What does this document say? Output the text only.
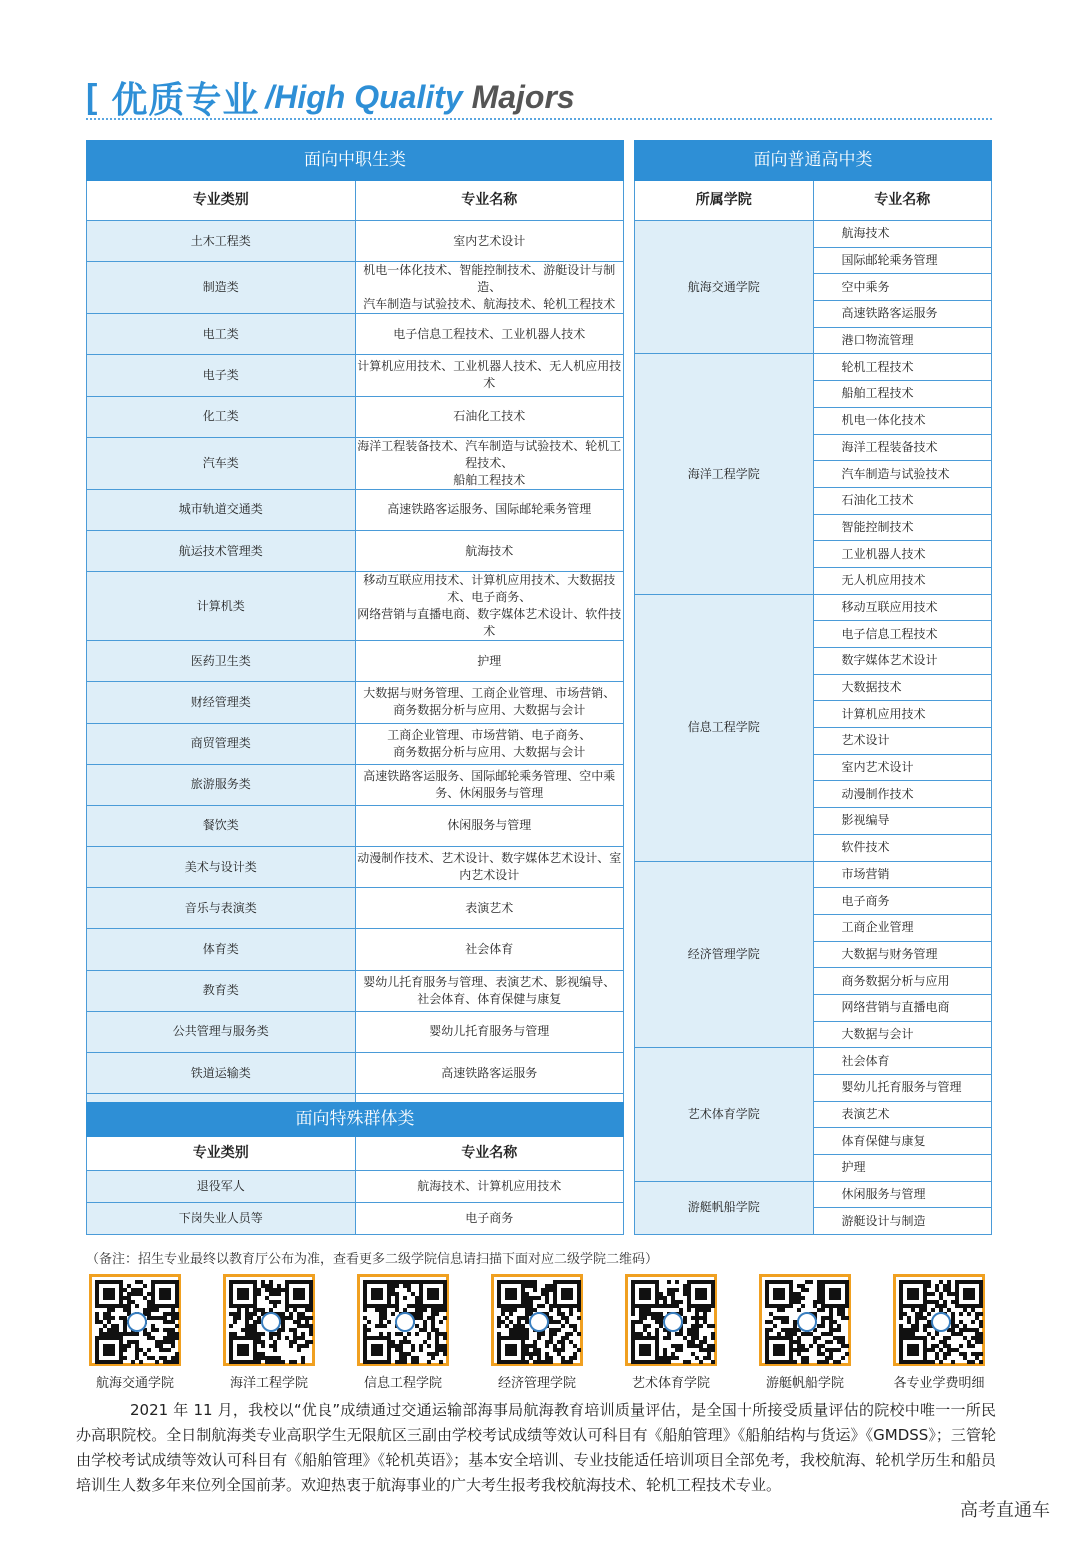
[ 优质专业 /High Quality Majors
面向中职生类	
专业类别	专业名称
土木工程类	室内艺术设计
制造类	机电一体化技术、智能控制技术、游艇设计与制造、
汽车制造与试验技术、航海技术、轮机工程技术
电工类	电子信息工程技术、工业机器人技术
电子类	计算机应用技术、工业机器人技术、无人机应用技术
化工类	石油化工技术
汽车类	海洋工程装备技术、汽车制造与试验技术、轮机工程技术、
船舶工程技术
城市轨道交通类	高速铁路客运服务、国际邮轮乘务管理
航运技术管理类	航海技术
计算机类	移动互联应用技术、计算机应用技术、大数据技术、电子商务、
网络营销与直播电商、数字媒体艺术设计、软件技术
医药卫生类	护理
财经管理类	大数据与财务管理、工商企业管理、市场营销、
商务数据分析与应用、大数据与会计
商贸管理类	工商企业管理、市场营销、电子商务、
商务数据分析与应用、大数据与会计
旅游服务类	高速铁路客运服务、国际邮轮乘务管理、空中乘务、休闲服务与管理
餐饮类	休闲服务与管理
美术与设计类	动漫制作技术、艺术设计、数字媒体艺术设计、室内艺术设计
音乐与表演类	表演艺术
体育类	社会体育
教育类	婴幼儿托育服务与管理、表演艺术、影视编导、
社会体育、体育保健与康复
公共管理与服务类	婴幼儿托育服务与管理
铁道运输类	高速铁路客运服务

面向特殊群体类	
专业类别	专业名称
退役军人	航海技术、计算机应用技术
下岗失业人员等	电子商务
面向普通高中类	
所属学院	专业名称
航海交通学院	航海技术
	国际邮轮乘务管理
	空中乘务
	高速铁路客运服务
	港口物流管理
海洋工程学院	轮机工程技术
	船舶工程技术
	机电一体化技术
	海洋工程装备技术
	汽车制造与试验技术
	石油化工技术
	智能控制技术
	工业机器人技术
	无人机应用技术
信息工程学院	移动互联应用技术
	电子信息工程技术
	数字媒体艺术设计
	大数据技术
	计算机应用技术
	艺术设计
	室内艺术设计
	动漫制作技术
	影视编导
	软件技术
经济管理学院	市场营销
	电子商务
	工商企业管理
	大数据与财务管理
	商务数据分析与应用
	网络营销与直播电商
	大数据与会计
艺术体育学院	社会体育
	婴幼儿托育服务与管理
	表演艺术
	体育保健与康复
	护理
游艇帆船学院	休闲服务与管理
	游艇设计与制造
（备注：招生专业最终以教育厅公布为准，查看更多二级学院信息请扫描下面对应二级学院二维码）
航海交通学院	海洋工程学院	信息工程学院	经济管理学院	艺术体育学院	游艇帆船学院	各专业学费明细
2021 年 11 月，我校以“优良”成绩通过交通运输部海事局航海教育培训质量评估，是全国十所接受质量评估的院校中唯一一所民办高职院校。全日制航海类专业高职学生无限航区三副由学校考试成绩等效认可科目有《船舶管理》《船舶结构与货运》《GMDSS》；三管轮由学校考试成绩等效认可科目有《船舶管理》《轮机英语》；基本安全培训、专业技能适任培训项目全部免考，我校航海、轮机学历生和船员培训生人数多年来位列全国前茅。欢迎热衷于航海事业的广大考生报考我校航海技术、轮机工程技术专业。
高考直通车
